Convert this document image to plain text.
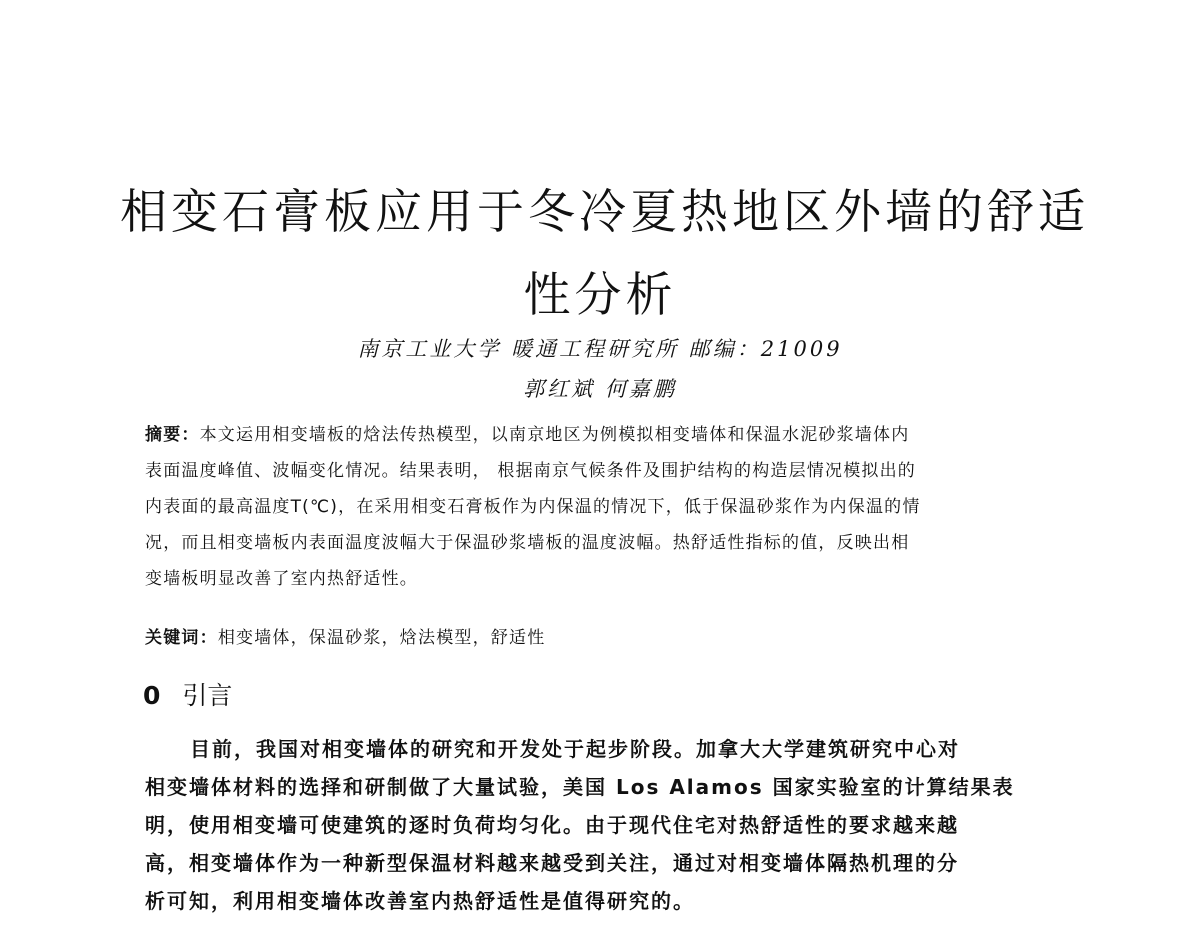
相变石膏板应用于冬冷夏热地区外墙的舒适
性分析
南京工业大学 暖通工程研究所 邮编：21009
郭红斌 何嘉鹏
摘要：本文运用相变墙板的焓法传热模型，以南京地区为例模拟相变墙体和保温水泥砂浆墙体内
表面温度峰值、波幅变化情况。结果表明， 根据南京气候条件及围护结构的构造层情况模拟出的
内表面的最高温度T(℃)，在采用相变石膏板作为内保温的情况下，低于保温砂浆作为内保温的情
况，而且相变墙板内表面温度波幅大于保温砂浆墙板的温度波幅。热舒适性指标的值，反映出相
变墙板明显改善了室内热舒适性。
关键词：相变墙体，保温砂浆，焓法模型，舒适性
0 引言
目前，我国对相变墙体的研究和开发处于起步阶段。加拿大大学建筑研究中心对
相变墙体材料的选择和研制做了大量试验，美国 Los Alamos 国家实验室的计算结果表
明，使用相变墙可使建筑的逐时负荷均匀化。由于现代住宅对热舒适性的要求越来越
高，相变墙体作为一种新型保温材料越来越受到关注，通过对相变墙体隔热机理的分
析可知，利用相变墙体改善室内热舒适性是值得研究的。
